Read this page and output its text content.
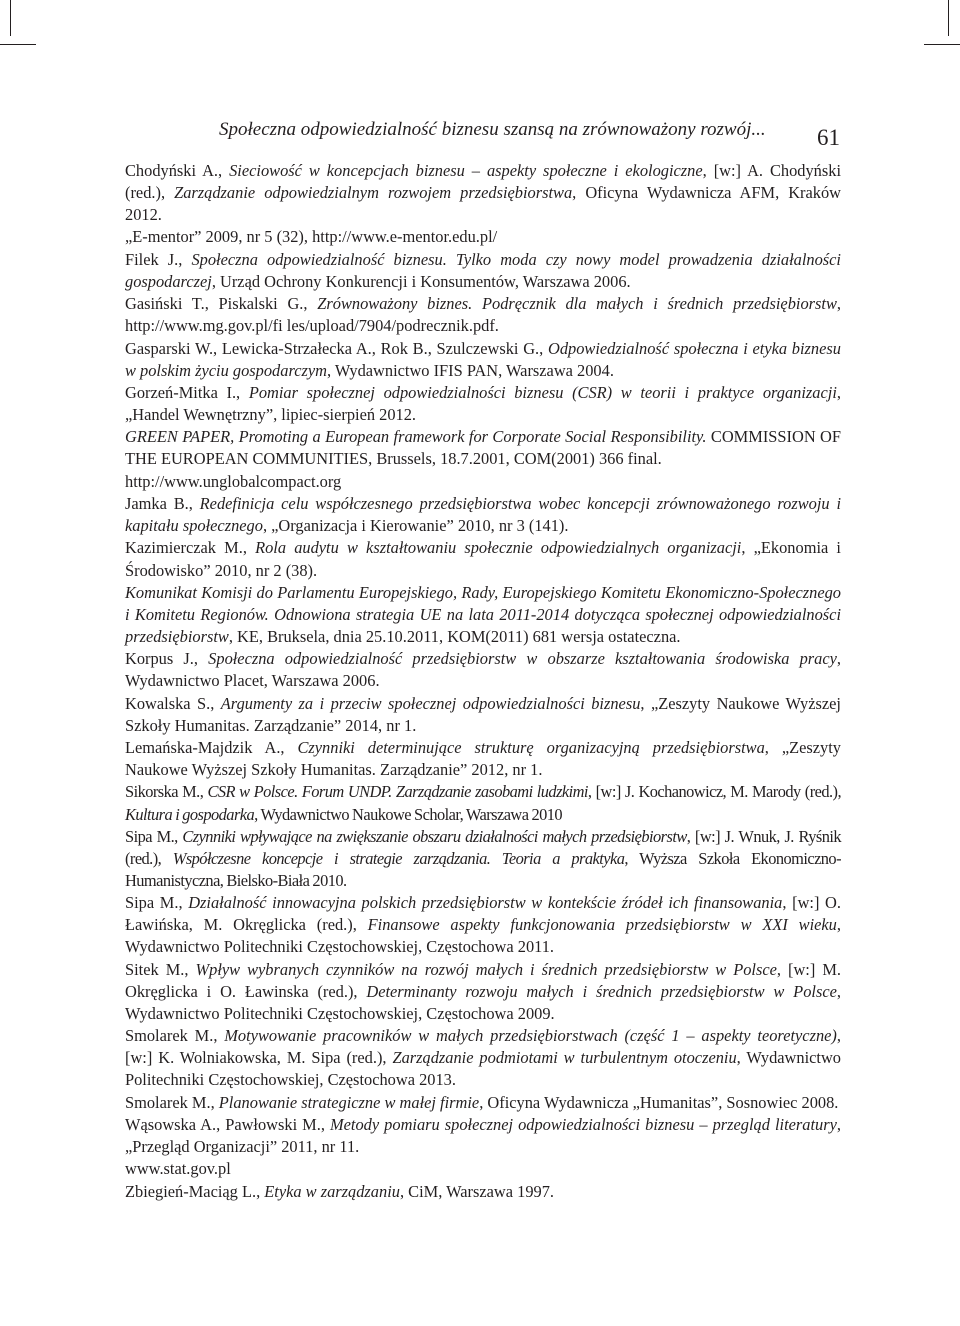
Społeczna odpowiedzialność biznesu szansą na zrównoważony rozwój... 61

Chodyński A., Sieciowość w koncepcjach biznesu – aspekty społeczne i ekologiczne, [w:] A. Chodyński (red.), Zarządzanie odpowiedzialnym rozwojem przedsiębiorstwa, Oficyna Wydawnicza AFM, Kraków 2012.

„E-mentor” 2009, nr 5 (32), http://www.e-mentor.edu.pl/

Filek J., Społeczna odpowiedzialność biznesu. Tylko moda czy nowy model prowadzenia działalności gospodarczej, Urząd Ochrony Konkurencji i Konsumentów, Warszawa 2006.

Gasiński T., Piskalski G., Zrównoważony biznes. Podręcznik dla małych i średnich przedsiębiorstw, http://www.mg.gov.pl/fi les/upload/7904/podrecznik.pdf.

Gasparski W., Lewicka-Strzałecka A., Rok B., Szulczewski G., Odpowiedzialność społeczna i etyka biznesu w polskim życiu gospodarczym, Wydawnictwo IFIS PAN, Warszawa 2004.

Gorzeń-Mitka I., Pomiar społecznej odpowiedzialności biznesu (CSR) w teorii i praktyce organizacji, „Handel Wewnętrzny”, lipiec-sierpień 2012.

GREEN PAPER, Promoting a European framework for Corporate Social Responsibility. COMMISSION OF THE EUROPEAN COMMUNITIES, Brussels, 18.7.2001, COM(2001) 366 final.

http://www.unglobalcompact.org

Jamka B., Redefinicja celu współczesnego przedsiębiorstwa wobec koncepcji zrównoważonego rozwoju i kapitału społecznego, „Organizacja i Kierowanie” 2010, nr 3 (141).

Kazimierczak M., Rola audytu w kształtowaniu społecznie odpowiedzialnych organizacji, „Ekonomia i Środowisko” 2010, nr 2 (38).

Komunikat Komisji do Parlamentu Europejskiego, Rady, Europejskiego Komitetu Ekonomiczno-Społecznego i Komitetu Regionów. Odnowiona strategia UE na lata 2011-2014 dotycząca społecznej odpowiedzialności przedsiębiorstw, KE, Bruksela, dnia 25.10.2011, KOM(2011) 681 wersja ostateczna.

Korpus J., Społeczna odpowiedzialność przedsiębiorstw w obszarze kształtowania środowiska pracy, Wydawnictwo Placet, Warszawa 2006.

Kowalska S., Argumenty za i przeciw społecznej odpowiedzialności biznesu, „Zeszyty Naukowe Wyższej Szkoły Humanitas. Zarządzanie” 2014, nr 1.

Lemańska-Majdzik A., Czynniki determinujące strukturę organizacyjną przedsiębiorstwa, „Zeszyty Naukowe Wyższej Szkoły Humanitas. Zarządzanie” 2012, nr 1.

Sikorska M., CSR w Polsce. Forum UNDP. Zarządzanie zasobami ludzkimi, [w:] J. Kochanowicz, M. Marody (red.), Kultura i gospodarka, Wydawnictwo Naukowe Scholar, Warszawa 2010

Sipa M., Czynniki wpływające na zwiększanie obszaru działalności małych przedsiębiorstw, [w:] J. Wnuk, J. Ryśnik (red.), Współczesne koncepcje i strategie zarządzania. Teoria a praktyka, Wyższa Szkoła Ekonomiczno-Humanistyczna, Bielsko-Biała 2010.

Sipa M., Działalność innowacyjna polskich przedsiębiorstw w kontekście źródeł ich finansowania, [w:] O. Ławińska, M. Okręglicka (red.), Finansowe aspekty funkcjonowania przedsiębiorstw w XXI wieku, Wydawnictwo Politechniki Częstochowskiej, Częstochowa 2011.

Sitek M., Wpływ wybranych czynników na rozwój małych i średnich przedsiębiorstw w Polsce, [w:] M. Okręglicka i O. Ławinska (red.), Determinanty rozwoju małych i średnich przedsiębiorstw w Polsce, Wydawnictwo Politechniki Częstochowskiej, Częstochowa 2009.

Smolarek M., Motywowanie pracowników w małych przedsiębiorstwach (część 1 – aspekty teoretyczne), [w:] K. Wolniakowska, M. Sipa (red.), Zarządzanie podmiotami w turbulentnym otoczeniu, Wydawnictwo Politechniki Częstochowskiej, Częstochowa 2013.

Smolarek M., Planowanie strategiczne w małej firmie, Oficyna Wydawnicza „Humanitas”, Sosnowiec 2008.

Wąsowska A., Pawłowski M., Metody pomiaru społecznej odpowiedzialności biznesu – przegląd literatury, „Przegląd Organizacji” 2011, nr 11.

www.stat.gov.pl

Zbiegień-Maciąg L., Etyka w zarządzaniu, CiM, Warszawa 1997.
